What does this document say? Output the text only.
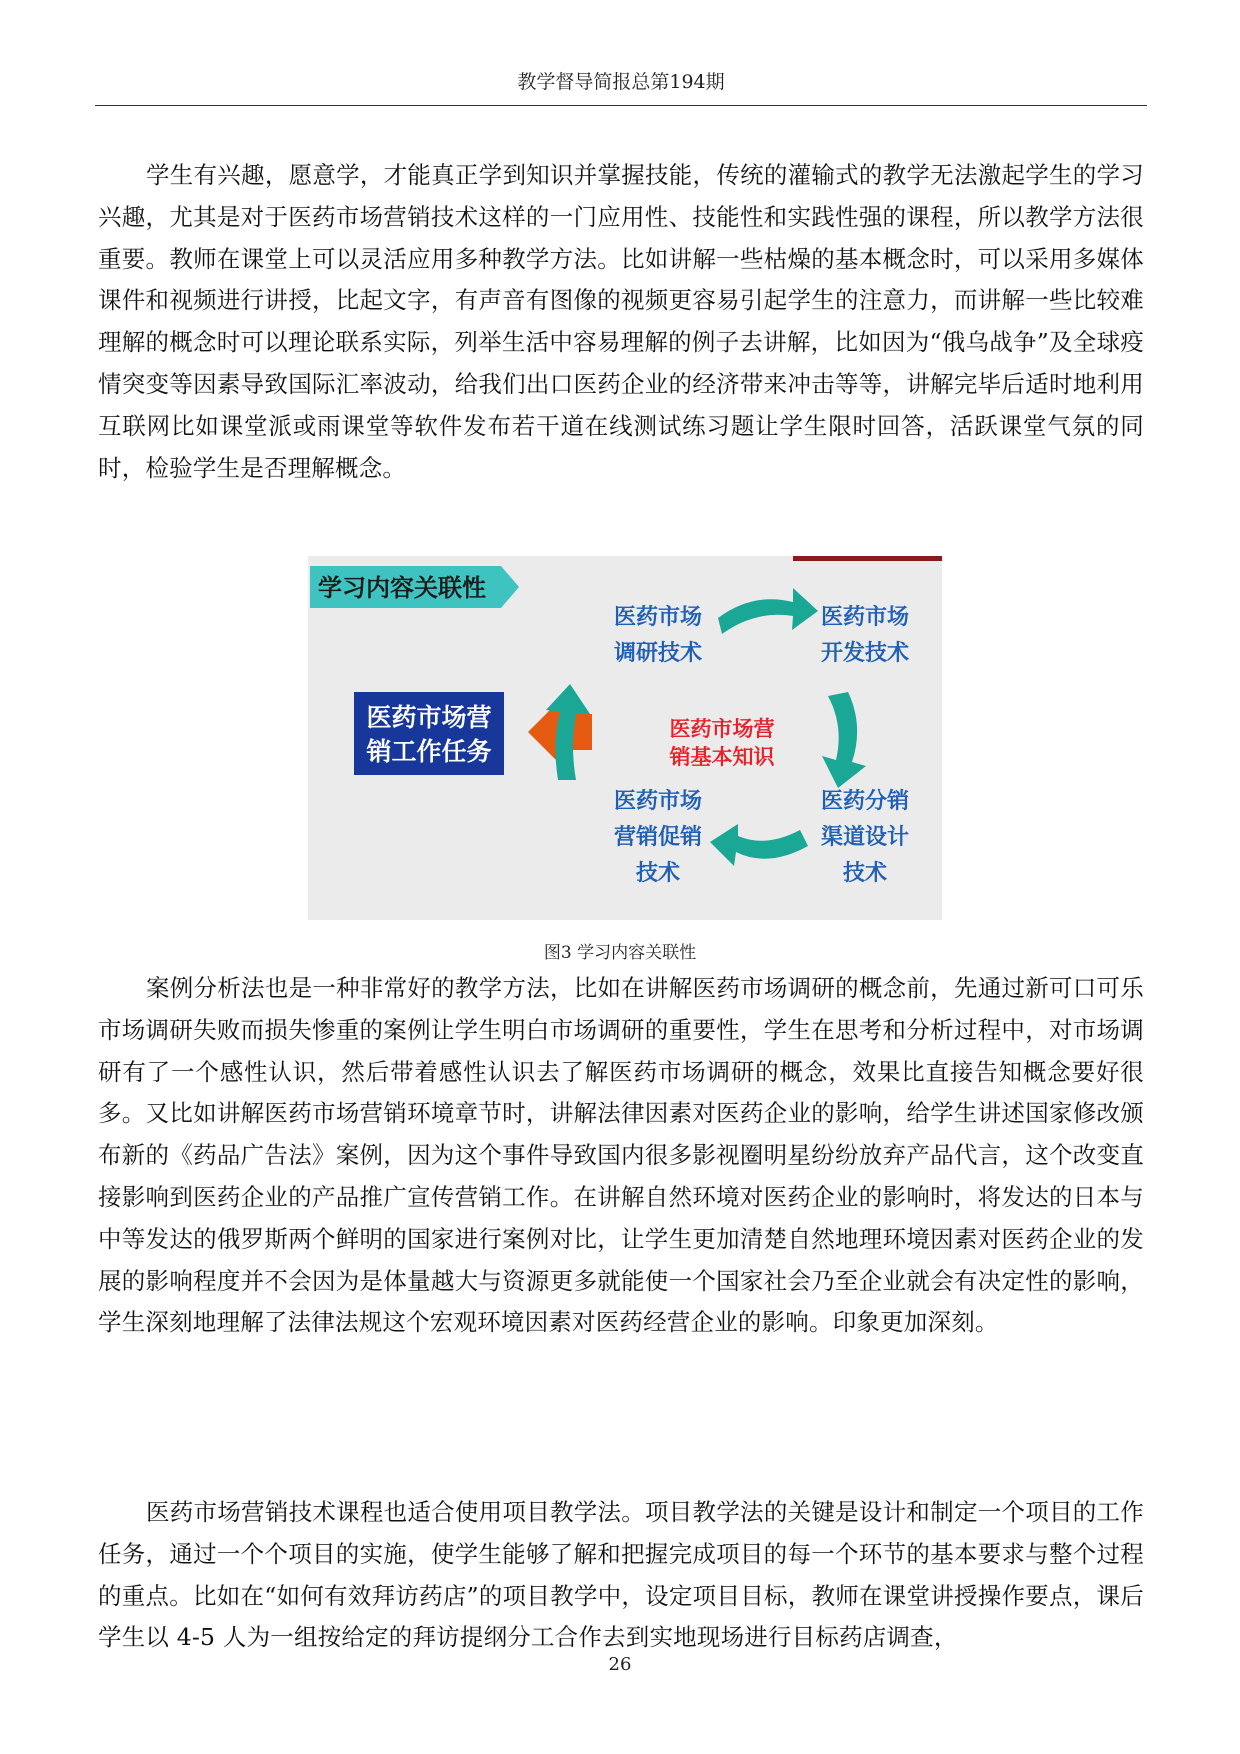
教学督导简报总第194期

学生有兴趣，愿意学，才能真正学到知识并掌握技能，传统的灌输式的教学无法激起学生的学习兴趣，尤其是对于医药市场营销技术这样的一门应用性、技能性和实践性强的课程，所以教学方法很重要。教师在课堂上可以灵活应用多种教学方法。比如讲解一些枯燥的基本概念时，可以采用多媒体课件和视频进行讲授，比起文字，有声音有图像的视频更容易引起学生的注意力，而讲解一些比较难理解的概念时可以理论联系实际，列举生活中容易理解的例子去讲解，比如因为“俄乌战争”及全球疫情突变等因素导致国际汇率波动，给我们出口医药企业的经济带来冲击等等，讲解完毕后适时地利用互联网比如课堂派或雨课堂等软件发布若干道在线测试练习题让学生限时回答，活跃课堂气氛的同时，检验学生是否理解概念。

学习内容关联性
医药市场营
销工作任务
医药市场营
销基本知识
医药市场
调研技术
医药市场
开发技术
医药分销
渠道设计
技术
医药市场
营销促销
技术
图3 学习内容关联性

案例分析法也是一种非常好的教学方法，比如在讲解医药市场调研的概念前，先通过新可口可乐市场调研失败而损失惨重的案例让学生明白市场调研的重要性，学生在思考和分析过程中，对市场调研有了一个感性认识，然后带着感性认识去了解医药市场调研的概念，效果比直接告知概念要好很多。又比如讲解医药市场营销环境章节时，讲解法律因素对医药企业的影响，给学生讲述国家修改颁布新的《药品广告法》案例，因为这个事件导致国内很多影视圈明星纷纷放弃产品代言，这个改变直接影响到医药企业的产品推广宣传营销工作。在讲解自然环境对医药企业的影响时，将发达的日本与中等发达的俄罗斯两个鲜明的国家进行案例对比，让学生更加清楚自然地理环境因素对医药企业的发展的影响程度并不会因为是体量越大与资源更多就能使一个国家社会乃至企业就会有决定性的影响，学生深刻地理解了法律法规这个宏观环境因素对医药经营企业的影响。印象更加深刻。

医药市场营销技术课程也适合使用项目教学法。项目教学法的关键是设计和制定一个项目的工作任务，通过一个个项目的实施，使学生能够了解和把握完成项目的每一个环节的基本要求与整个过程的重点。比如在“如何有效拜访药店”的项目教学中，设定项目目标，教师在课堂讲授操作要点，课后学生以 4-5 人为一组按给定的拜访提纲分工合作去到实地现场进行目标药店调查，

26
